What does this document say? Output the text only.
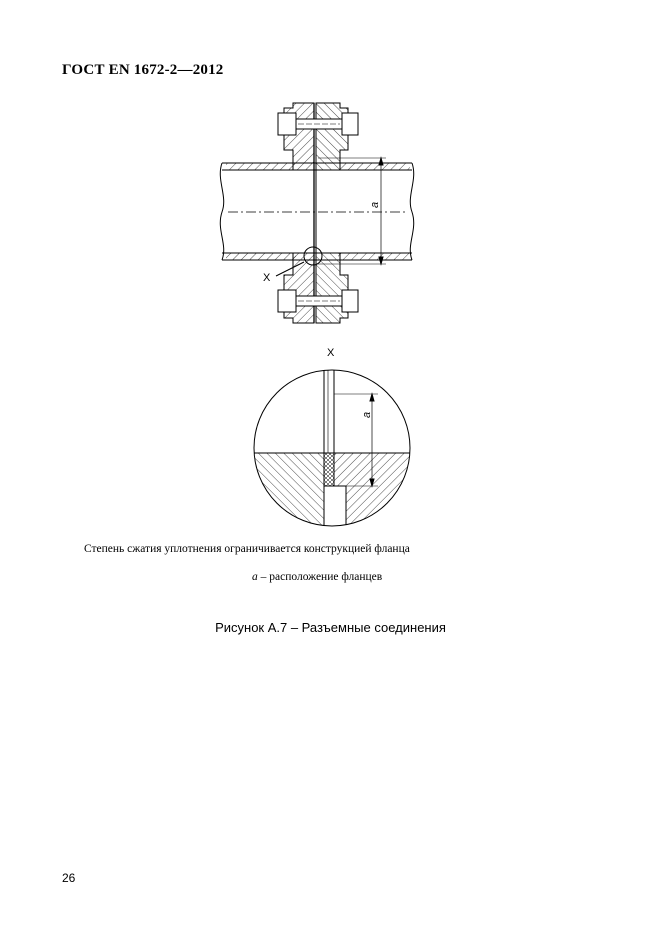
ГОСТ EN 1672-2—2012
a
X
X
a
Степень сжатия уплотнения ограничивается конструкцией фланца
a – расположение фланцев
Рисунок А.7 – Разъемные соединения
26
